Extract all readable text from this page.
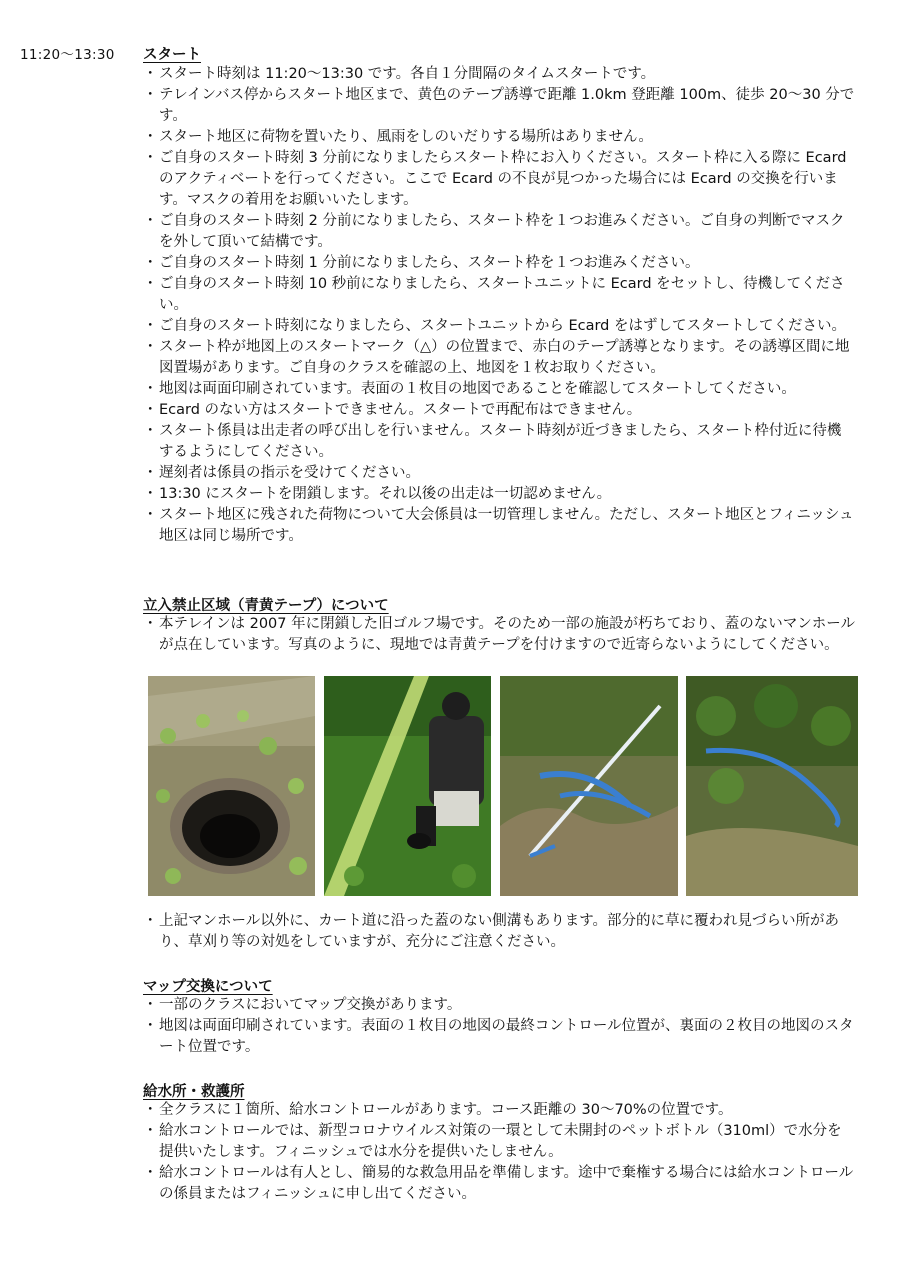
11:20〜13:30 スタート
・ スタート時刻は 11:20〜13:30 です。各自１分間隔のタイムスタートです。
・ テレインバス停からスタート地区まで、黄色のテープ誘導で距離 1.0km 登距離 100m、徒歩 20〜30 分です。
・ スタート地区に荷物を置いたり、風雨をしのいだりする場所はありません。
・ ご自身のスタート時刻 3 分前になりましたらスタート枠にお入りください。スタート枠に入る際に Ecard のアクティベートを行ってください。ここで Ecard の不良が見つかった場合には Ecard の交換を行います。マスクの着用をお願いいたします。
・ ご自身のスタート時刻 2 分前になりましたら、スタート枠を１つお進みください。ご自身の判断でマスクを外して頂いて結構です。
・ ご自身のスタート時刻 1 分前になりましたら、スタート枠を１つお進みください。
・ ご自身のスタート時刻 10 秒前になりましたら、スタートユニットに Ecard をセットし、待機してください。
・ ご自身のスタート時刻になりましたら、スタートユニットから Ecard をはずしてスタートしてください。
・ スタート枠が地図上のスタートマーク（△）の位置まで、赤白のテープ誘導となります。その誘導区間に地図置場があります。ご自身のクラスを確認の上、地図を１枚お取りください。
・ 地図は両面印刷されています。表面の１枚目の地図であることを確認してスタートしてください。
・ Ecard のない方はスタートできません。スタートで再配布はできません。
・ スタート係員は出走者の呼び出しを行いません。スタート時刻が近づきましたら、スタート枠付近に待機するようにしてください。
・ 遅刻者は係員の指示を受けてください。
・ 13:30 にスタートを閉鎖します。それ以後の出走は一切認めません。
・ スタート地区に残された荷物について大会係員は一切管理しません。ただし、スタート地区とフィニッシュ地区は同じ場所です。
立入禁止区域（青黄テープ）について
・ 本テレインは 2007 年に閉鎖した旧ゴルフ場です。そのため一部の施設が朽ちており、蓋のないマンホールが点在しています。写真のように、現地では青黄テープを付けますので近寄らないようにしてください。
・ 上記マンホール以外に、カート道に沿った蓋のない側溝もあります。部分的に草に覆われ見づらい所があり、草刈り等の対処をしていますが、充分にご注意ください。
マップ交換について
・ 一部のクラスにおいてマップ交換があります。
・ 地図は両面印刷されています。表面の１枚目の地図の最終コントロール位置が、裏面の２枚目の地図のスタート位置です。
給水所・救護所
・ 全クラスに１箇所、給水コントロールがあります。コース距離の 30〜70%の位置です。
・ 給水コントロールでは、新型コロナウイルス対策の一環として未開封のペットボトル（310ml）で水分を提供いたします。フィニッシュでは水分を提供いたしません。
・ 給水コントロールは有人とし、簡易的な救急用品を準備します。途中で棄権する場合には給水コントロールの係員またはフィニッシュに申し出てください。
